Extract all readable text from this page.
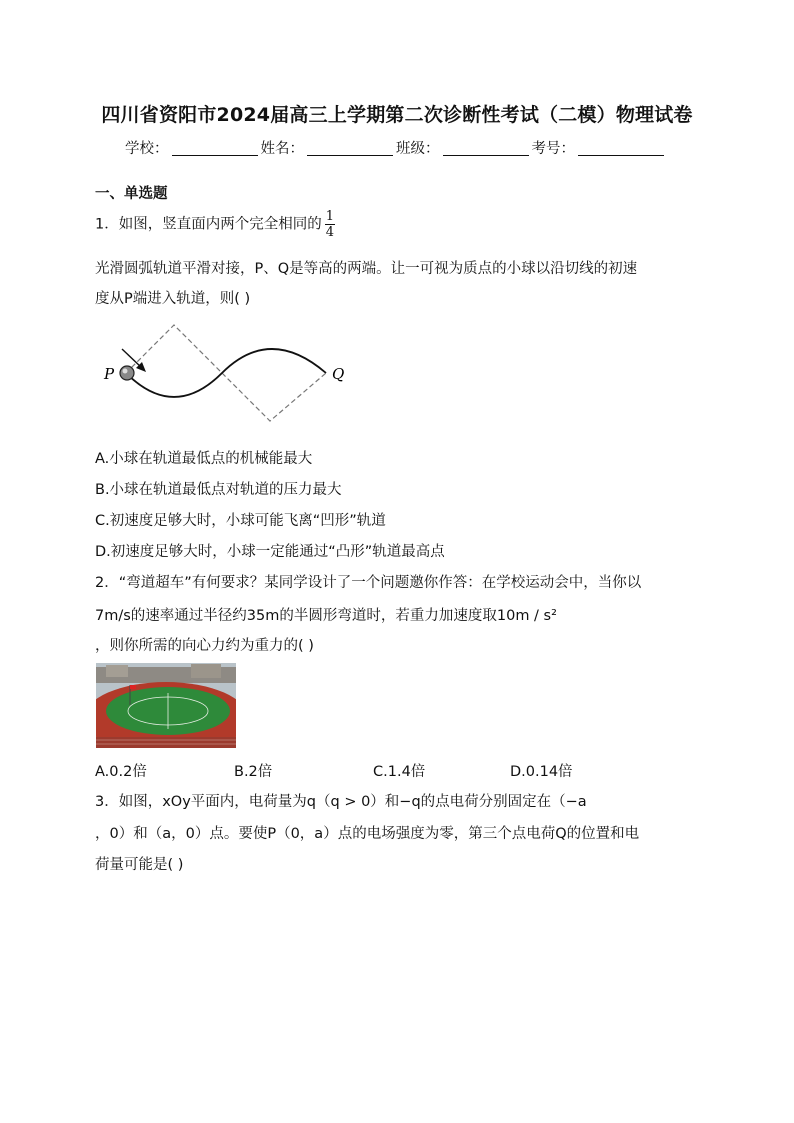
四川省资阳市2024届高三上学期第二次诊断性考试（二模）物理试卷
学校：	姓名：	班级：	考号：
一、单选题
1．如图，竖直面内两个完全相同的 $\frac{1}{4}$
光滑圆弧轨道平滑对接，P、Q是等高的两端。让一可视为质点的小球以沿切线的初速
度从P端进入轨道，则( )
P	Q
A.小球在轨道最低点的机械能最大
B.小球在轨道最低点对轨道的压力最大
C.初速度足够大时，小球可能飞离“凹形”轨道
D.初速度足够大时，小球一定能通过“凸形”轨道最高点
2．“弯道超车”有何要求？某同学设计了一个问题邀你作答：在学校运动会中，当你以
7m/s的速率通过半径约35m的半圆形弯道时，若重力加速度取10m / s²
，则你所需的向心力约为重力的( )
A.0.2倍	B.2倍	C.1.4倍	D.0.14倍
3．如图，xOy平面内，电荷量为q（q > 0）和−q的点电荷分别固定在（−a
，0）和（a，0）点。要使P（0，a）点的电场强度为零，第三个点电荷Q的位置和电
荷量可能是( )
